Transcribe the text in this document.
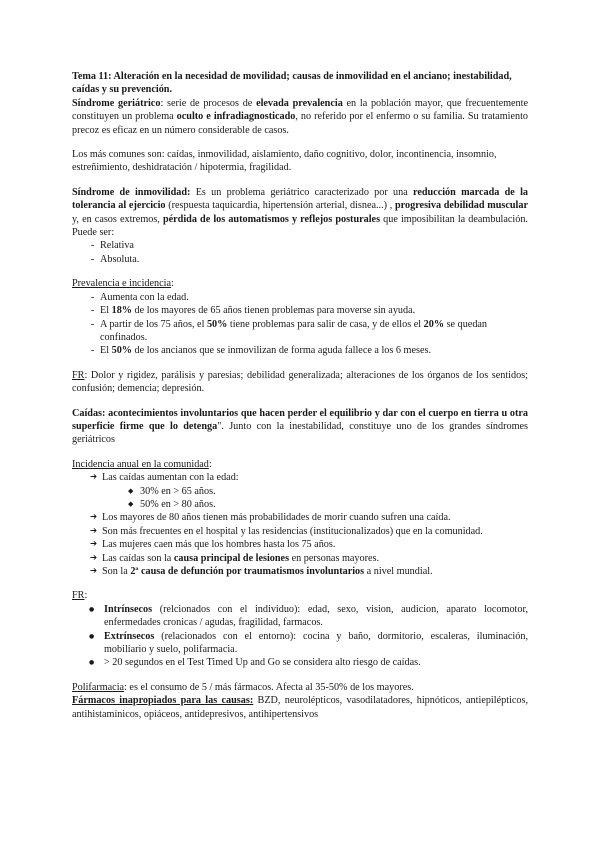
Tema 11: Alteración en la necesidad de movilidad; causas de inmovilidad en el anciano; inestabilidad, caídas y su prevención.

Síndrome geriátrico: serie de procesos de elevada prevalencia en la población mayor, que frecuentemente constituyen un problema oculto e infradiagnosticado, no referido por el enfermo o su familia. Su tratamiento precoz es eficaz en un número considerable de casos.

Los más comunes son: caídas, inmovilidad, aislamiento, daño cognitivo, dolor, incontinencia, insomnio, estreñimiento, deshidratación / hipotermia, fragilidad.

Síndrome de inmovilidad: Es un problema geriátrico caracterizado por una reducción marcada de la tolerancia al ejercicio (respuesta taquicardia, hipertensión arterial, disnea...) , progresiva debilidad muscular y, en casos extremos, pérdida de los automatismos y reflejos posturales que imposibilitan la deambulación. Puede ser:

- Relativa
- Absoluta.

Prevalencia e incidencia:

- Aumenta con la edad.
- El 18% de los mayores de 65 años tienen problemas para moverse sin ayuda.
- A partir de los 75 años, el 50% tiene problemas para salir de casa, y de ellos el 20% se quedan confinados.
- El 50% de los ancianos que se inmovilizan de forma aguda fallece a los 6 meses.

FR: Dolor y rigidez, parálisis y paresias; debilidad generalizada; alteraciones de los órganos de los sentidos; confusión; demencia; depresión.

Caídas: acontecimientos involuntarios que hacen perder el equilibrio y dar con el cuerpo en tierra u otra superficie firme que lo detenga". Junto con la inestabilidad, constituye uno de los grandes síndromes geriátricos

Incidencia anual en la comunidad:

➔ Las caídas aumentan con la edad:
◆ 30% en > 65 años.
◆ 50% en > 80 años.
➔ Los mayores de 80 años tienen más probabilidades de morir cuando sufren una caída.
➔ Son más frecuentes en el hospital y las residencias (institucionalizados) que en la comunidad.
➔ Las mujeres caen más que los hombres hasta los 75 años.
➔ Las caídas son la causa principal de lesiones en personas mayores.
➔ Son la 2ª causa de defunción por traumatismos involuntarios a nivel mundial.

FR:

● Intrínsecos (relcionados con el individuo): edad, sexo, vision, audicion, aparato locomotor, enfermedades cronicas / agudas, fragilidad, farmacos.
● Extrínsecos (relacionados con el entorno): cocina y baño, dormitorio, escaleras, iluminación, mobiliario y suelo, polifarmacia.
● > 20 segundos en el Test Timed Up and Go se considera alto riesgo de caídas.

Polifarmacia: es el consumo de 5 / más fármacos. Afecta al 35-50% de los mayores.

Fármacos inapropiados para las causas: BZD, neurolépticos, vasodilatadores, hipnóticos, antiepilépticos, antihistamínicos, opiáceos, antidepresivos, antihipertensivos
